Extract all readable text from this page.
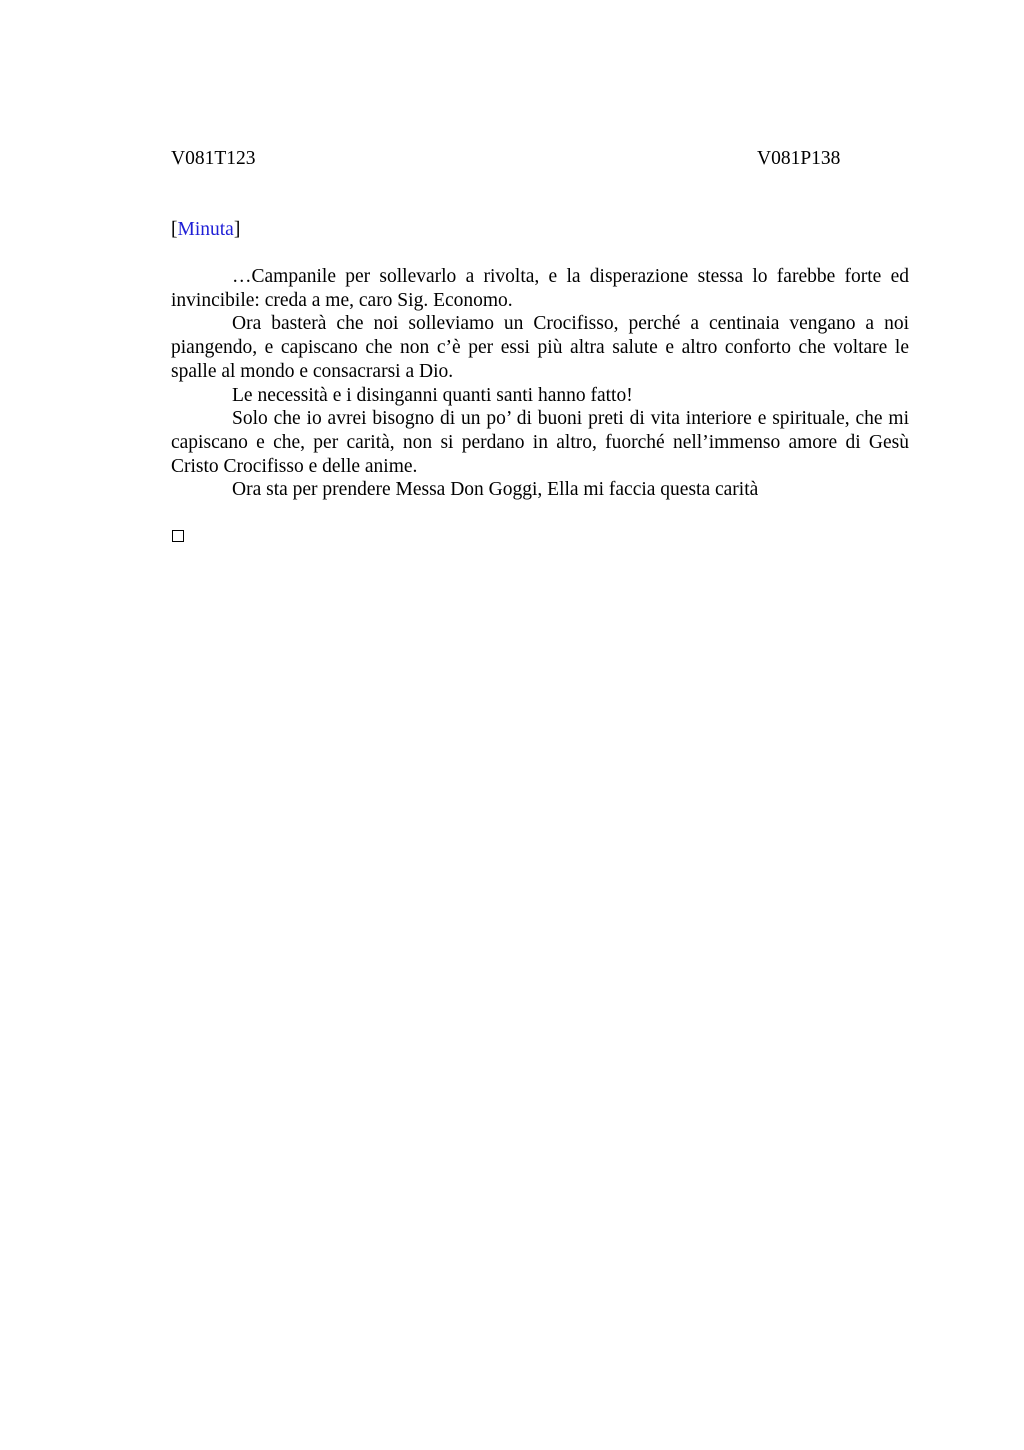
V081T123	V081P138
[Minuta]

…Campanile per sollevarlo a rivolta, e la disperazione stessa lo farebbe forte ed invincibile: creda a me, caro Sig. Economo.

Ora basterà che noi solleviamo un Crocifisso, perché a centinaia vengano a noi piangendo, e capiscano che non c’è per essi più altra salute e altro conforto che voltare le spalle al mondo e consacrarsi a Dio.

Le necessità e i disinganni quanti santi hanno fatto!

Solo che io avrei bisogno di un po’ di buoni preti di vita interiore e spirituale, che mi capiscano e che, per carità, non si perdano in altro, fuorché nell’immenso amore di Gesù Cristo Crocifisso e delle anime.

Ora sta per prendere Messa Don Goggi, Ella mi faccia questa carità
